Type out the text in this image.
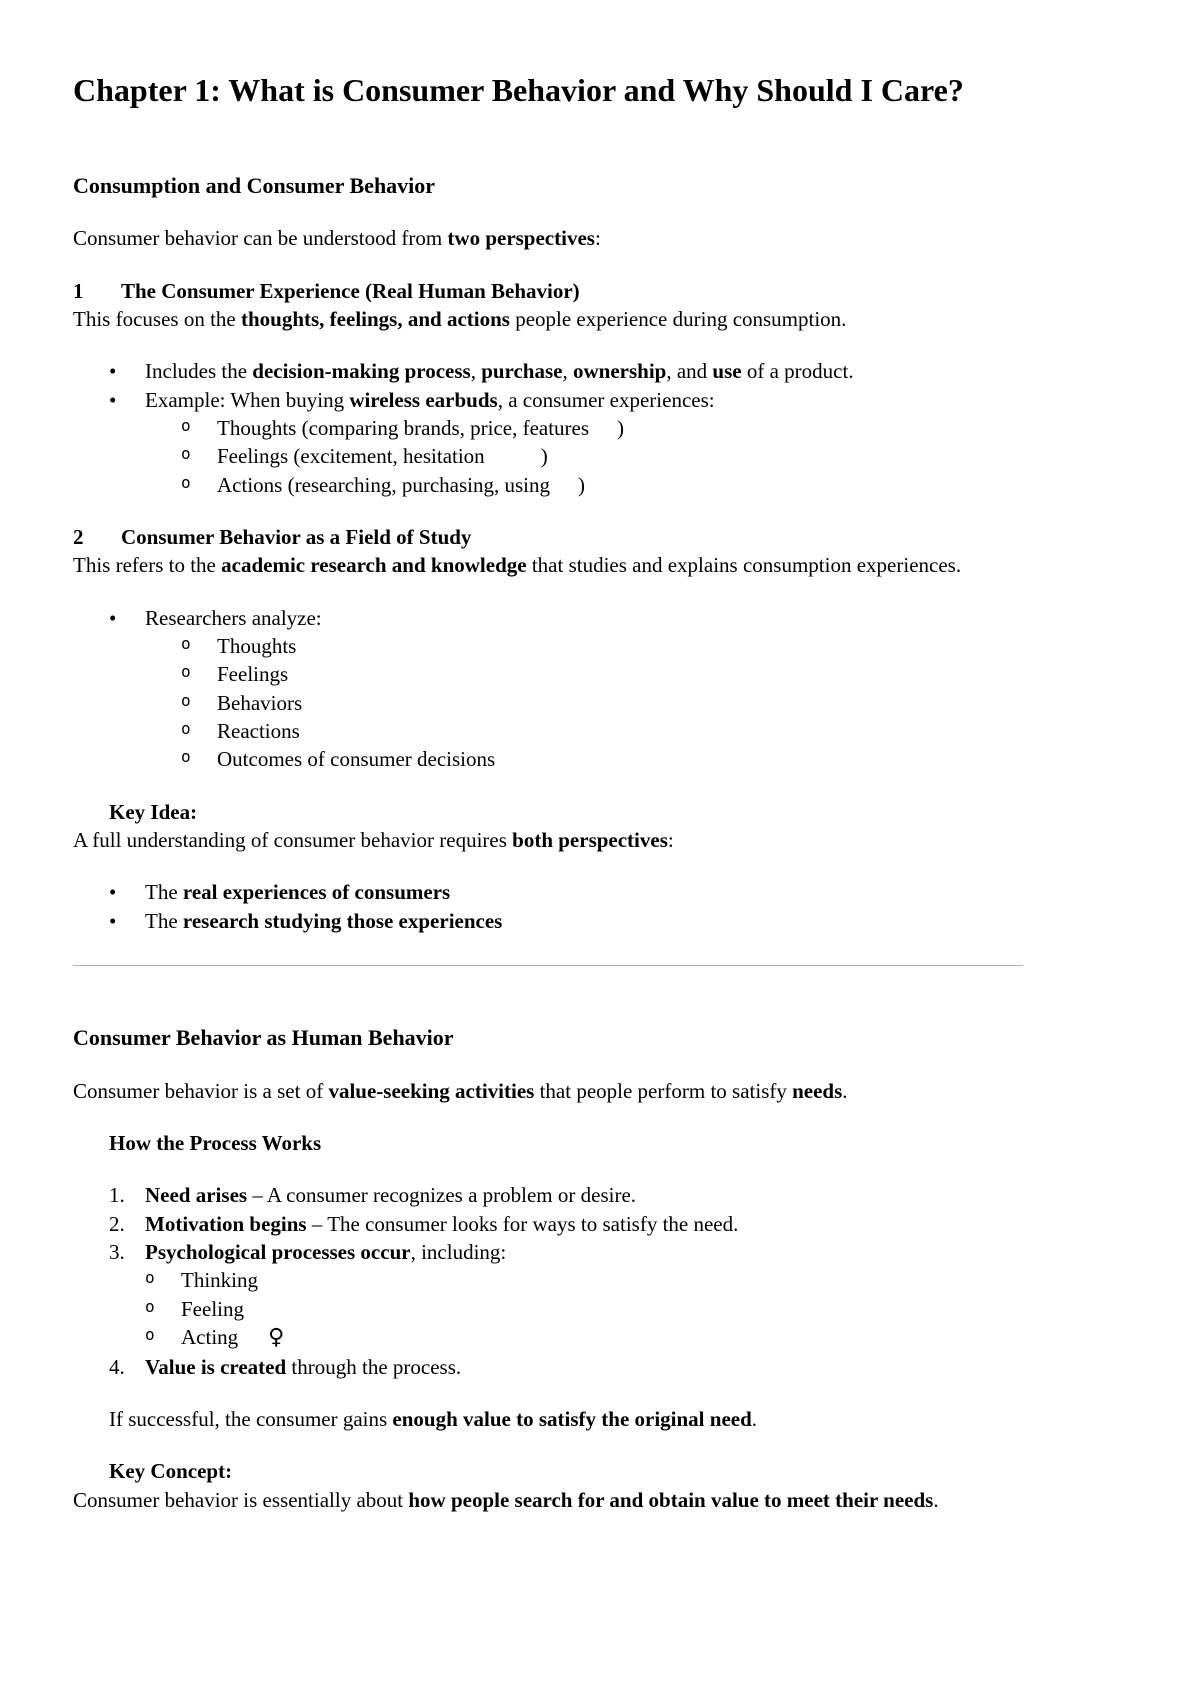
Chapter 1: What is Consumer Behavior and Why Should I Care?
Consumption and Consumer Behavior

Consumer behavior can be understood from two perspectives:

1	The Consumer Experience (Real Human Behavior)

This focuses on the thoughts, feelings, and actions people experience during consumption.

• Includes the decision-making process, purchase, ownership, and use of a product.
• Example: When buying wireless earbuds, a consumer experiences:
o Thoughts (comparing brands, price, features )
o Feelings (excitement, hesitation	)
o Actions (researching, purchasing, using )
2	Consumer Behavior as a Field of Study

This refers to the academic research and knowledge that studies and explains consumption experiences.

• Researchers analyze:
o Thoughts
o Feelings
o Behaviors
o Reactions
o Outcomes of consumer decisions

Key Idea:

A full understanding of consumer behavior requires both perspectives:

• The real experiences of consumers
• The research studying those experiences
Consumer Behavior as Human Behavior

Consumer behavior is a set of value-seeking activities that people perform to satisfy needs.

How the Process Works

1. Need arises – A consumer recognizes a problem or desire.
2. Motivation begins – The consumer looks for ways to satisfy the need.
3. Psychological processes occur, including:
o Thinking
o Feeling
o Acting ♀
4. Value is created through the process.

If successful, the consumer gains enough value to satisfy the original need.

Key Concept:

Consumer behavior is essentially about how people search for and obtain value to meet their needs.
